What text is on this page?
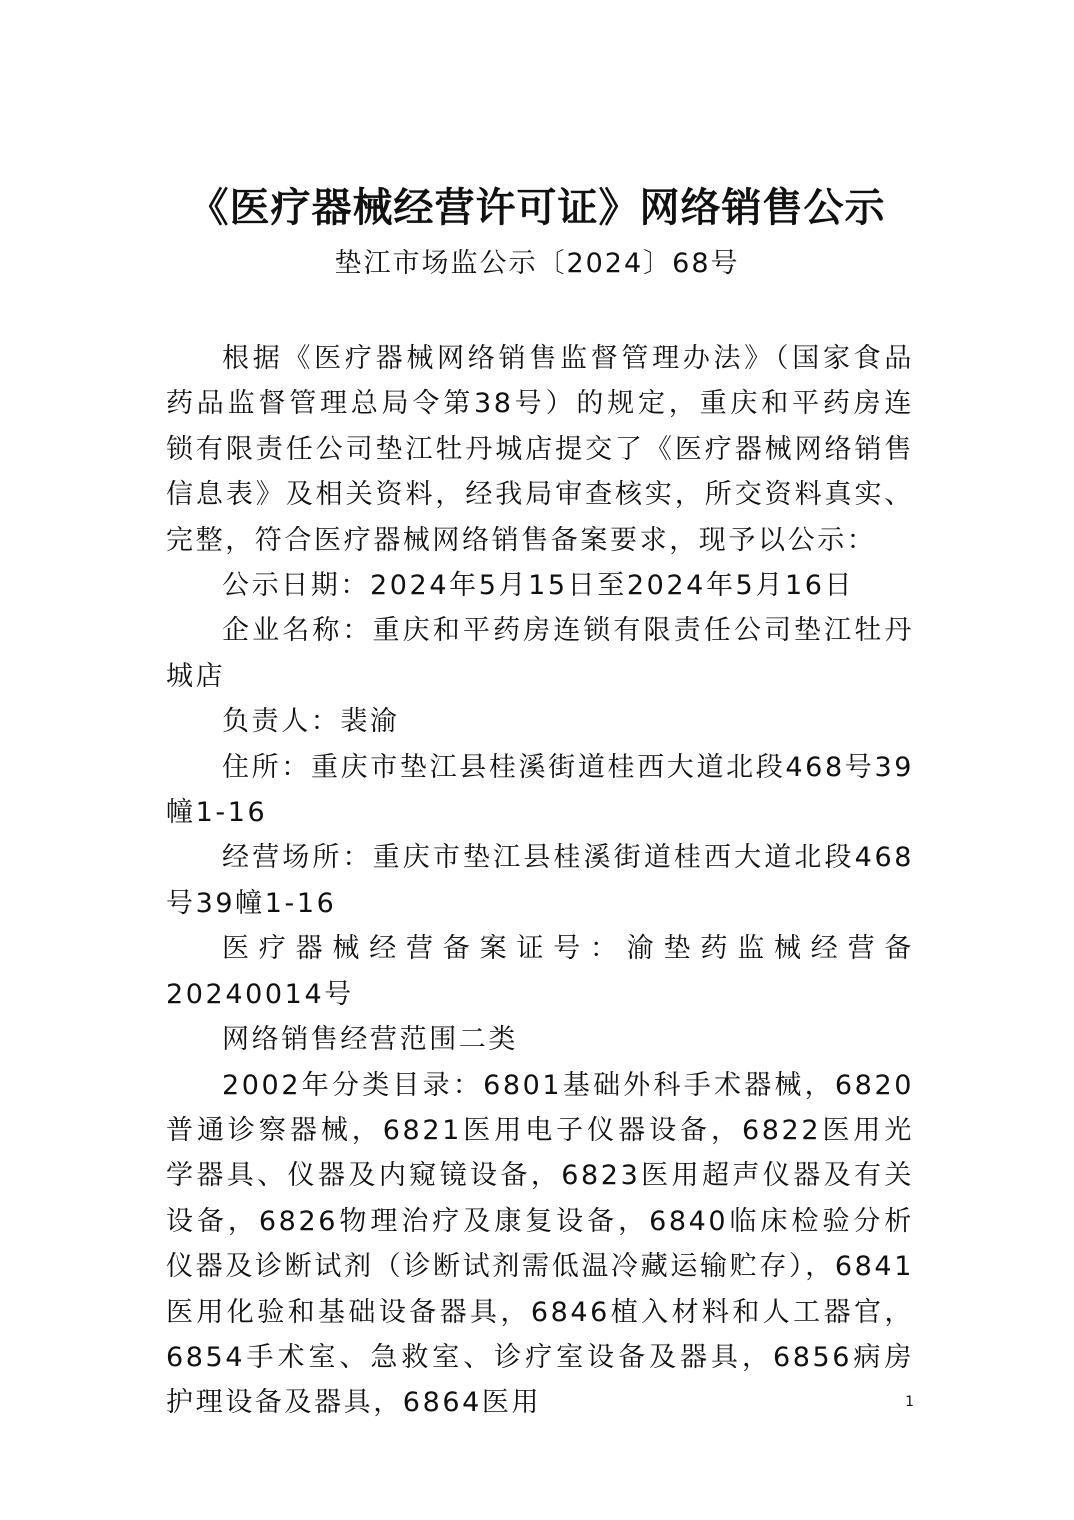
《医疗器械经营许可证》网络销售公示
垫江市场监公示〔2024〕68号

根据《医疗器械网络销售监督管理办法》（国家食品药品监督管理总局令第38号）的规定，重庆和平药房连锁有限责任公司垫江牡丹城店提交了《医疗器械网络销售信息表》及相关资料，经我局审查核实，所交资料真实、完整，符合医疗器械网络销售备案要求，现予以公示：

公示日期：2024年5月15日至2024年5月16日

企业名称：重庆和平药房连锁有限责任公司垫江牡丹城店

负责人：裴渝

住所：重庆市垫江县桂溪街道桂西大道北段468号39幢1-16

经营场所：重庆市垫江县桂溪街道桂西大道北段468号39幢1-16

医疗器械经营备案证号：渝垫药监械经营备20240014号

网络销售经营范围二类

2002年分类目录：6801基础外科手术器械，6820普通诊察器械，6821医用电子仪器设备，6822医用光学器具、仪器及内窥镜设备，6823医用超声仪器及有关设备，6826物理治疗及康复设备，6840临床检验分析仪器及诊断试剂（诊断试剂需低温冷藏运输贮存），6841医用化验和基础设备器具，6846植入材料和人工器官，6854手术室、急救室、诊疗室设备及器具，6856病房护理设备及器具，6864医用	1
